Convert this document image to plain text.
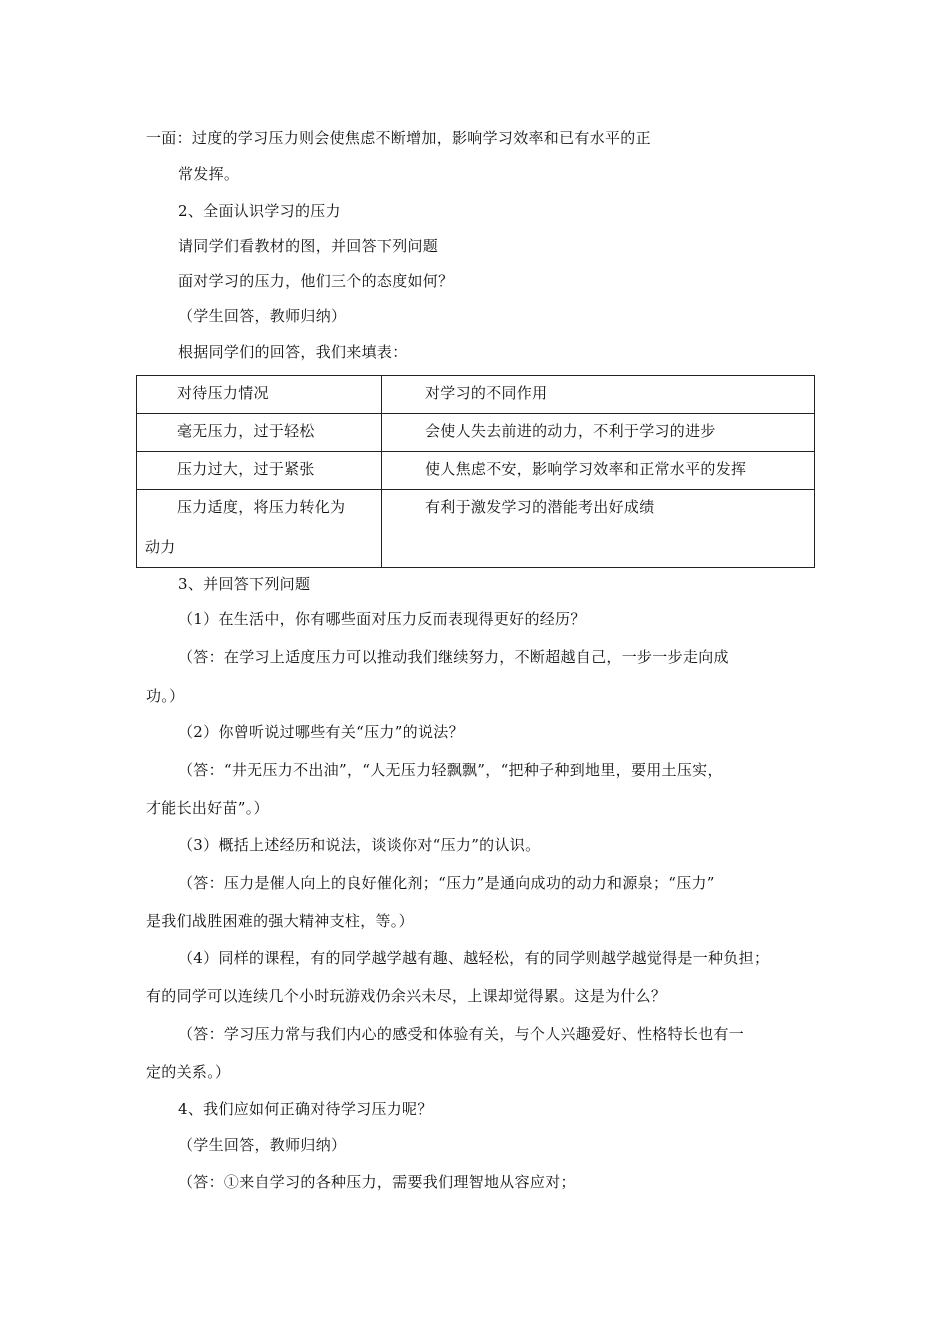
一面：过度的学习压力则会使焦虑不断增加，影响学习效率和已有水平的正
常发挥。
2、全面认识学习的压力
请同学们看教材的图，并回答下列问题
面对学习的压力，他们三个的态度如何？
（学生回答，教师归纳）
根据同学们的回答，我们来填表：
对待压力情况	对学习的不同作用

毫无压力，过于轻松	会使人失去前进的动力，不利于学习的进步

压力过大，过于紧张	使人焦虑不安，影响学习效率和正常水平的发挥

压力适度，将压力转化为
动力	有利于激发学习的潜能考出好成绩
3、并回答下列问题
（1）在生活中，你有哪些面对压力反而表现得更好的经历？
（答：在学习上适度压力可以推动我们继续努力，不断超越自己，一步一步走向成
功。）
（2）你曾听说过哪些有关“压力”的说法？
（答：“井无压力不出油”，“人无压力轻飘飘”，“把种子种到地里，要用土压实，
才能长出好苗”。）
（3）概括上述经历和说法，谈谈你对“压力”的认识。
（答：压力是催人向上的良好催化剂；“压力”是通向成功的动力和源泉；“压力”
是我们战胜困难的强大精神支柱，等。）
（4）同样的课程，有的同学越学越有趣、越轻松，有的同学则越学越觉得是一种负担；
有的同学可以连续几个小时玩游戏仍余兴未尽，上课却觉得累。这是为什么？
（答：学习压力常与我们内心的感受和体验有关，与个人兴趣爱好、性格特长也有一
定的关系。）
4、我们应如何正确对待学习压力呢？
（学生回答，教师归纳）
（答：①来自学习的各种压力，需要我们理智地从容应对；
